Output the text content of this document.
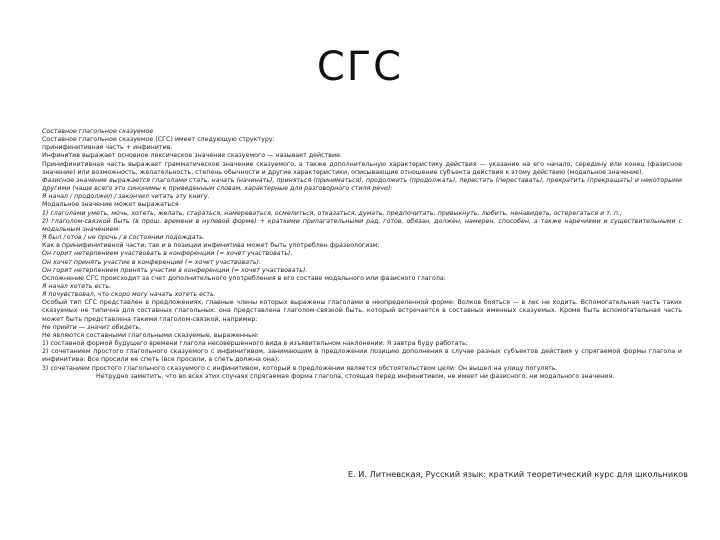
СГС
Составное глагольное сказуемое
Составное глагольное сказуемое (СГС) имеет следующую структуру:
принифинитивная часть + инфинитив.
Инфинитив выражает основное лексическое значение сказуемого — называет действие.
Принифинитивная часть выражает грамматическое значение сказуемого, а также дополнительную характеристику действия — указание на его начало, середину или конец (фазисное значение) или возможность, желательность, степень обычности и другие характеристики, описывающие отношение субъекта действия к этому действию (модальное значение).
Фазисное значение выражается глаголами стать, начать (начинать), приняться (приниматься), продолжить (продолжать), перестать (переставать), прекратить (прекращать) и некоторыми другими (чаще всего это синонимы к приведенным словам, характерные для разговорного стиля речи):
Я начал / продолжил / закончил читать эту книгу.
Модальное значение может выражаться
1) глаголами уметь, мочь, хотеть, желать, стараться, намереваться, осмелиться, отказаться, думать, предпочитать, привыкнуть, любить, ненавидеть, остерегаться и т. п.;
2) глаголом-связкой быть (в прош. времени в нулевой форме) + краткими прилагательными рад, готов, обязан, должен, намерен, способен, а также наречиями и существительными с модальным значением:
Я был готов / не прочь / в состоянии подождать.
Как в принифинитивной части, так и в позиции инфинитива может быть употреблен фразеологизм:
Он горит нетерпением участвовать в конференции (= хочет участвовать).
Он хочет принять участие в конференции (= хочет участвовать).
Он горит нетерпением принять участие в конференции (= хочет участвовать).
Осложнение СГС происходит за счет дополнительного употребления в его составе модального или фазисного глагола:
Я начал хотеть есть.
Я почувствовал, что скоро могу начать хотеть есть.
Особый тип СГС представлен в предложениях, главные члены которых выражены глаголами в неопределенной форме: Волков бояться — в лес не ходить. Вспомогательная часть таких сказуемых не типична для составных глагольных: она представлена глаголом-связкой быть, который встречается в составных именных сказуемых. Кроме быть вспомогательная часть может быть представлена такими глаголом-связкой, например:
Не прийти — значит обидеть.
Не являются составными глагольными сказуемые, выраженные:
1) составной формой будущего времени глагола несовершенного вида в изъявительном наклонении: Я завтра буду работать;
2) сочетанием простого глагольного сказуемого с инфинитивом, занимающим в предложении позицию дополнения в случае разных субъектов действия у спрягаемой формы глагола и инфинитива: Все просили ее спеть (все просили, а спеть должна она);
3) сочетанием простого глагольного сказуемого с инфинитивом, который в предложении является обстоятельством цели: Он вышел на улицу погулять.
Нетрудно заметить, что во всех этих случаях спрягаемая форма глагола, стоящая перед инфинитивом, не имеет ни фазисного, ни модального значения.
Е. И. Литневская, Русский язык: краткий теоретический курс для школьников
